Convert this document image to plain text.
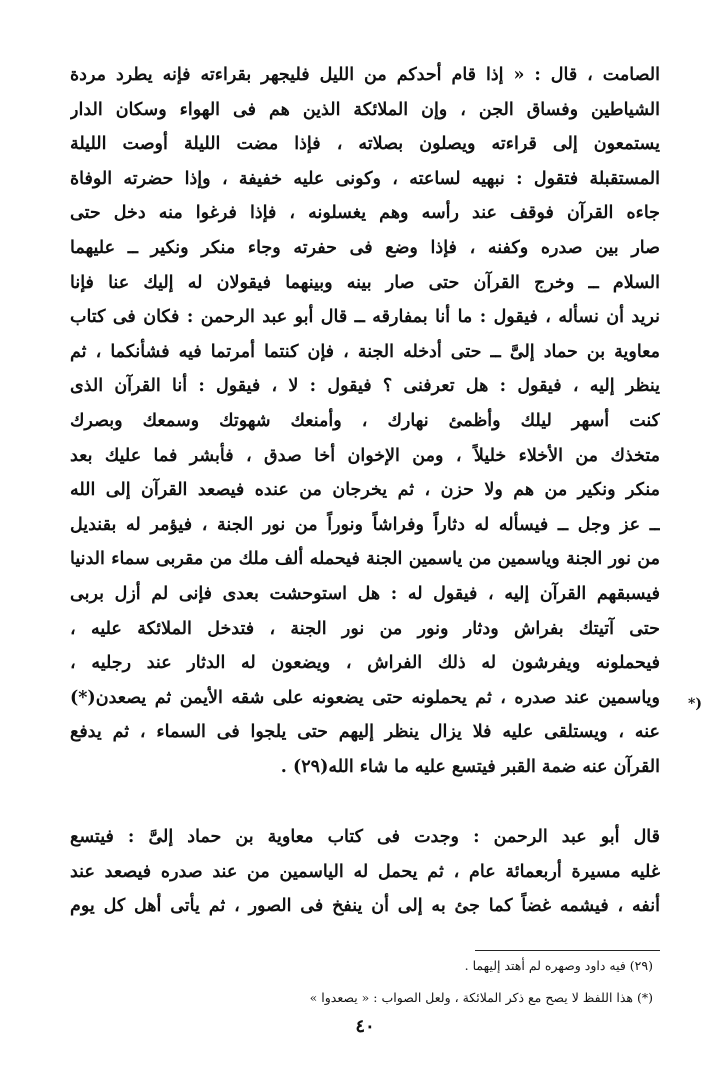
الصامت ، قال : « إذا قام أحدكم من الليل فليجهر بقراءته فإنه يطرد مردة
الشياطين وفساق الجن ، وإن الملائكة الذين هم فى الهواء وسكان الدار
يستمعون إلى قراءته ويصلون بصلاته ، فإذا مضت الليلة أوصت الليلة
المستقبلة فتقول : نبهيه لساعته ، وكونى عليه خفيفة ، وإذا حضرته الوفاة
جاءه القرآن فوقف عند رأسه وهم يغسلونه ، فإذا فرغوا منه دخل حتى
صار بين صدره وكفنه ، فإذا وضع فى حفرته وجاء منكر ونكير ــ عليهما
السلام ــ وخرج القرآن حتى صار بينه وبينهما فيقولان له إليك عنا فإنا
نريد أن نسأله ، فيقول : ما أنا بمفارقه ــ قال أبو عبد الرحمن : فكان فى كتاب
معاوية بن حماد إلىَّ ــ حتى أدخله الجنة ، فإن كنتما أمرتما فيه فشأنكما ، ثم
ينظر إليه ، فيقول : هل تعرفنى ؟ فيقول : لا ، فيقول : أنا القرآن الذى
كنت أسهر ليلك وأظمئ نهارك ، وأمنعك شهوتك وسمعك وبصرك
متخذك من الأخلاء خليلاً ، ومن الإخوان أخا صدق ، فأبشر فما عليك بعد
منكر ونكير من هم ولا حزن ، ثم يخرجان من عنده فيصعد القرآن إلى الله
ــ عز وجل ــ فيسأله له دثاراً وفراشاً ونوراً من نور الجنة ، فيؤمر له بقنديل
من نور الجنة وياسمين من ياسمين الجنة فيحمله ألف ملك من مقربى سماء الدنيا
فيسبقهم القرآن إليه ، فيقول له : هل استوحشت بعدى فإنى لم أزل بربى
حتى آتيتك بفراش ودثار ونور من نور الجنة ، فتدخل الملائكة عليه ،
فيحملونه ويفرشون له ذلك الفراش ، ويضعون له الدثار عند رجليه ،
وياسمين عند صدره ، ثم يحملونه حتى يضعونه على شقه الأيمن ثم يصعدن(*)
عنه ، ويستلقى عليه فلا يزال ينظر إليهم حتى يلجوا فى السماء ، ثم يدفع
القرآن عنه ضمة القبر فيتسع عليه ما شاء الله(٢٩) .
قال أبو عبد الرحمن : وجدت فى كتاب معاوية بن حماد إلىَّ : فيتسع
غليه مسيرة أربعمائة عام ، ثم يحمل له الياسمين من عند صدره فيصعد عند
أنفه ، فيشمه غضاً كما جئ به إلى أن ينفخ فى الصور ، ثم يأتى أهل كل يوم
(٢٩) فيه داود وصهره لم أهتد إليهما .
(*) هذا اللفظ لا يصح مع ذكر الملائكة ، ولعل الصواب : « يصعدوا »
(*
٤٠
